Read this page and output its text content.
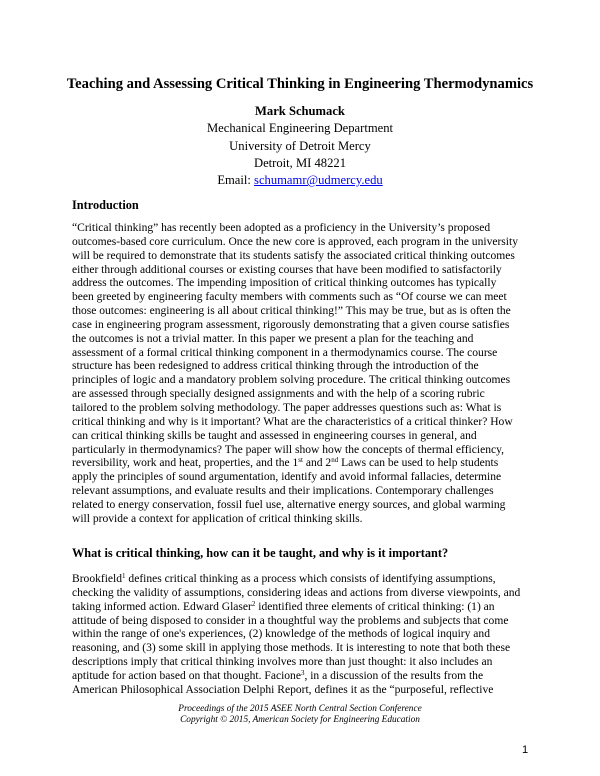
Teaching and Assessing Critical Thinking in Engineering Thermodynamics
Mark Schumack
Mechanical Engineering Department
University of Detroit Mercy
Detroit, MI 48221
Email: schumamr@udmercy.edu
Introduction
“Critical thinking” has recently been adopted as a proficiency in the University’s proposed
outcomes-based core curriculum. Once the new core is approved, each program in the university
will be required to demonstrate that its students satisfy the associated critical thinking outcomes
either through additional courses or existing courses that have been modified to satisfactorily
address the outcomes. The impending imposition of critical thinking outcomes has typically
been greeted by engineering faculty members with comments such as “Of course we can meet
those outcomes: engineering is all about critical thinking!” This may be true, but as is often the
case in engineering program assessment, rigorously demonstrating that a given course satisfies
the outcomes is not a trivial matter. In this paper we present a plan for the teaching and
assessment of a formal critical thinking component in a thermodynamics course. The course
structure has been redesigned to address critical thinking through the introduction of the
principles of logic and a mandatory problem solving procedure. The critical thinking outcomes
are assessed through specially designed assignments and with the help of a scoring rubric
tailored to the problem solving methodology. The paper addresses questions such as: What is
critical thinking and why is it important? What are the characteristics of a critical thinker? How
can critical thinking skills be taught and assessed in engineering courses in general, and
particularly in thermodynamics? The paper will show how the concepts of thermal efficiency,
reversibility, work and heat, properties, and the 1st and 2nd Laws can be used to help students
apply the principles of sound argumentation, identify and avoid informal fallacies, determine
relevant assumptions, and evaluate results and their implications. Contemporary challenges
related to energy conservation, fossil fuel use, alternative energy sources, and global warming
will provide a context for application of critical thinking skills.
What is critical thinking, how can it be taught, and why is it important?
Brookfield$^1$ defines critical thinking as a process which consists of identifying assumptions,
checking the validity of assumptions, considering ideas and actions from diverse viewpoints, and
taking informed action. Edward Glaser$^2$ identified three elements of critical thinking: (1) an
attitude of being disposed to consider in a thoughtful way the problems and subjects that come
within the range of one's experiences, (2) knowledge of the methods of logical inquiry and
reasoning, and (3) some skill in applying those methods. It is interesting to note that both these
descriptions imply that critical thinking involves more than just thought: it also includes an
aptitude for action based on that thought. Facione$^3$, in a discussion of the results from the
American Philosophical Association Delphi Report, defines it as the “purposeful, reflective
Proceedings of the 2015 ASEE North Central Section Conference
Copyright © 2015, American Society for Engineering Education
1
